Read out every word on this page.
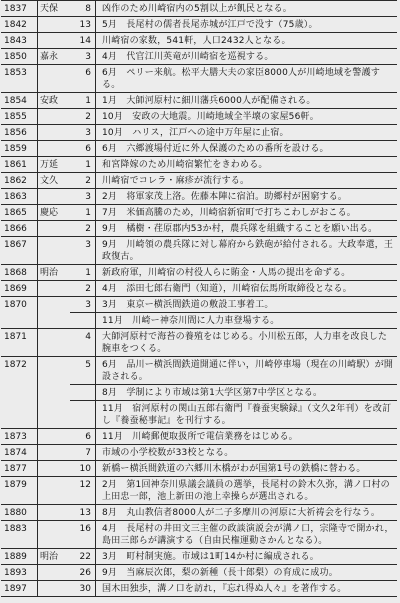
1837	天保	8	凶作のため川崎宿内の5割以上が飢民となる。
1842		13	5月　長尾村の儒者長尾赤城が江戸で没す（75歳）。
1843		14	川崎宿の家数，541軒，人口2432人となる。
1850	嘉永	3	4月　代官江川英竜が川崎宿を巡視する。
1853		6	6月　ペリー来航。松平大膳大夫の家臣8000人が川崎地域を警護する。
1854	安政	1	1月　大師河原村に細川藩兵6000人が配備される。
1855		2	10月　安政の大地震。川崎地域全半壊の家屋56軒。
1856		3	10月　ハリス，江戸への途中万年屋に止宿。
1859		6	6月　六郷渡場付近に外人保護のための番所を設ける。
1861	万延	1	和宮降嫁のため川崎宿繁忙をきわめる。
1862	文久	2	川崎宿でコレラ・麻疹が流行する。
1863		3	2月　将軍家茂上洛。佐藤本陣に宿泊。助郷村が困窮する。
1865	慶応	1	7月　米価高騰のため，川崎宿新宿町で打ちこわしがおこる。
1866		2	9月　橘樹・荏原郡内53か村，農兵隊を組織することを願い出る。
1867		3	9月　川崎領の農兵隊に対し幕府から鉄砲が給付される。大政奉還，王政復古。
1868	明治	1	新政府軍，川崎宿の村役人らに賄金・人馬の提出を命ずる。
1869		2	4月　添田七郎右衛門（知道），川崎宿伝馬所取締役となる。
1870		3	3月　東京ー横浜間鉄道の敷設工事着工。
			11月　川崎ー神奈川間に人力車登場する。
1871		4	大師河原村で海苔の養殖をはじめる。小川松五郎，人力車を改良した腕車をつくる。
1872		5	6月　品川ー横浜間鉄道開通に伴い，川崎停車場（現在の川崎駅）が開設される。
			8月　学制により市域は第1大学区第7中学区となる。
			11月　宿河原村の関山五郎右衛門『養蚕実験録』（文久2年刊）を改訂し『養蚕秘事記』を刊行する。
1873		6	11月　川崎郵便取扱所で電信業務をはじめる。
1874		7	市域の小学校数が33校となる。
1877		10	新橋ー横浜間鉄道の六郷川木橋がわが国第1号の鉄橋に替わる。
1879		12	2月　第1回神奈川県議会議員の選挙，長尾村の鈴木久弥，溝ノ口村の上田忠一郎，池上新田の池上幸操らが選出される。
1880		13	8月　丸山教信者8000人が二子多摩川の河原に大祈祷会を行なう。
1883		16	4月　長尾村の井田文三主催の政談演説会が溝ノ口，宗隆寺で開かれ，島田三郎らが講演する（自由民権運動さかんとなる）。
1889	明治	22	3月　町村制実施。市域は1町14か村に編成される。
1893		26	9月　当麻辰次郎，梨の新種（長十郎梨）の育成に成功。
1897		30	国木田独歩，溝ノ口を訪れ，『忘れ得ぬ人々』を著作する。
